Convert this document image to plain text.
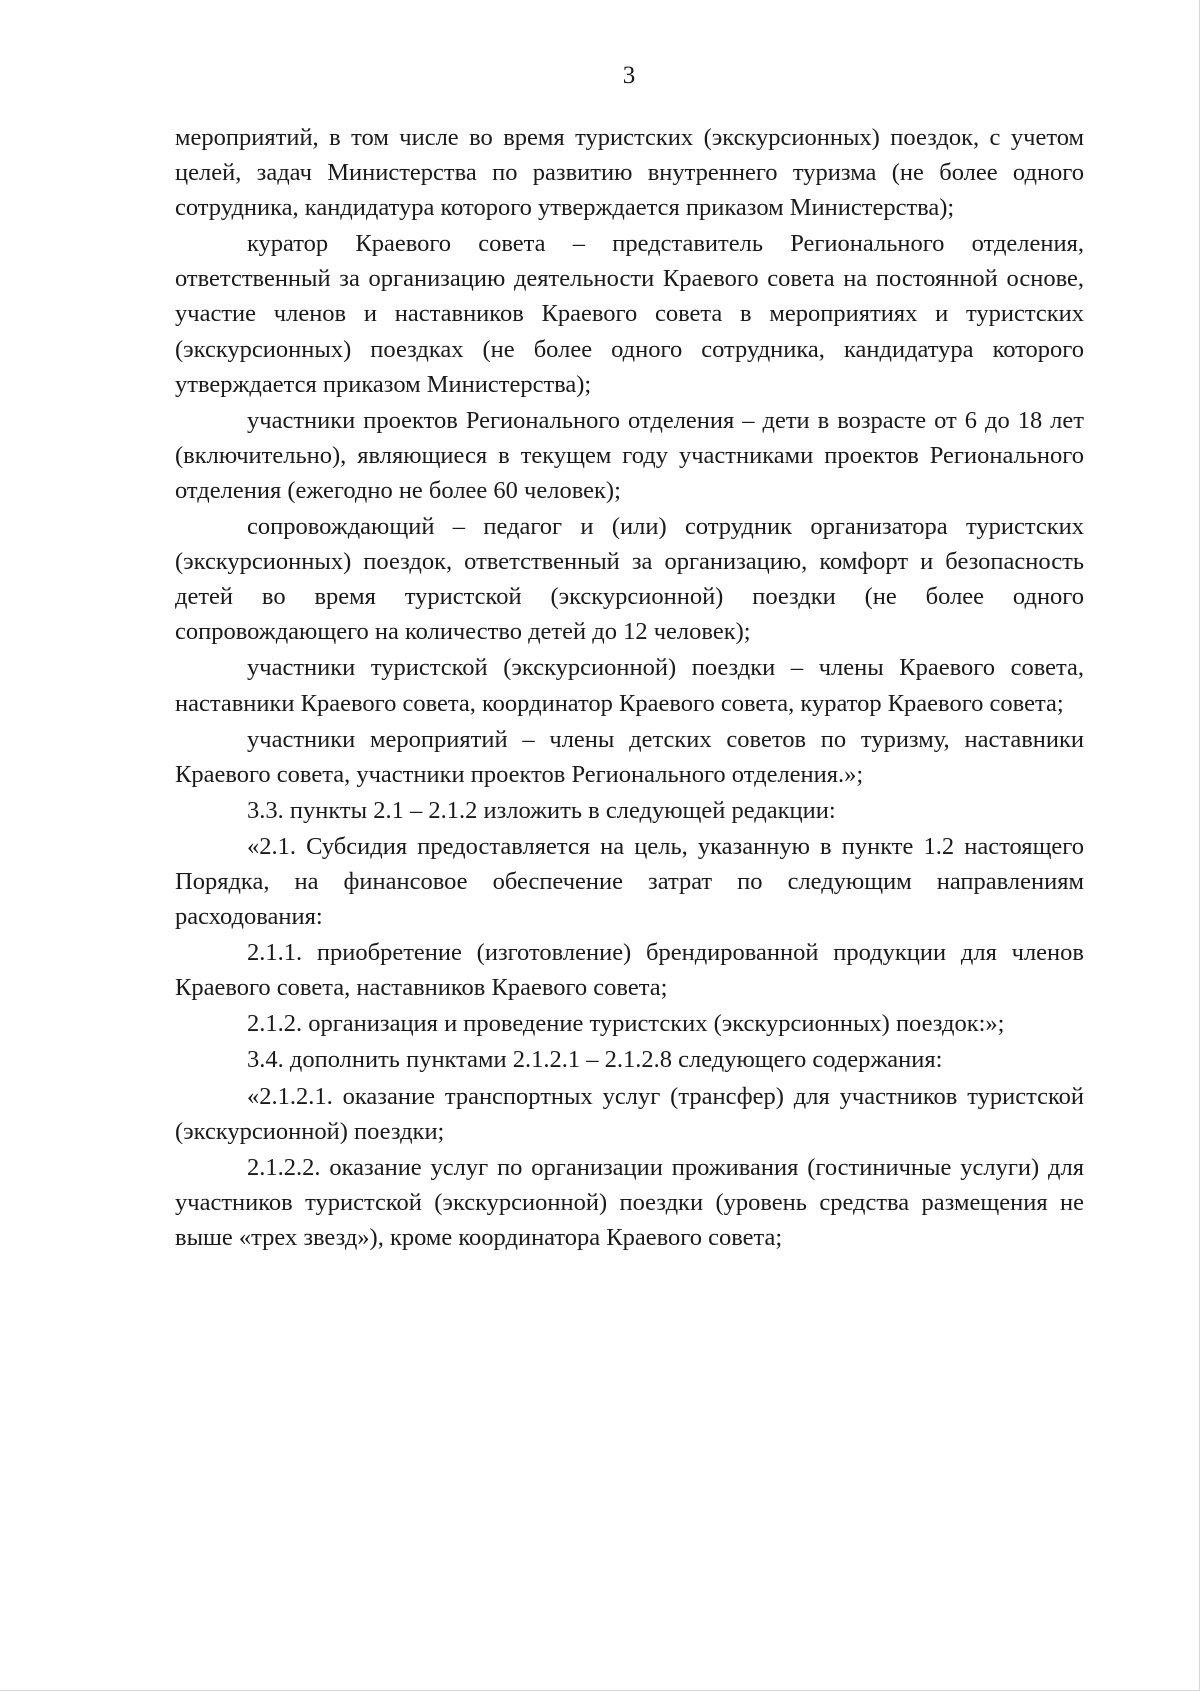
3

мероприятий, в том числе во время туристских (экскурсионных) поездок, с учетом целей, задач Министерства по развитию внутреннего туризма (не более одного сотрудника, кандидатура которого утверждается приказом Министерства);

куратор Краевого совета – представитель Регионального отделения, ответственный за организацию деятельности Краевого совета на постоянной основе, участие членов и наставников Краевого совета в мероприятиях и туристских (экскурсионных) поездках (не более одного сотрудника, кандидатура которого утверждается приказом Министерства);

участники проектов Регионального отделения – дети в возрасте от 6 до 18 лет (включительно), являющиеся в текущем году участниками проектов Регионального отделения (ежегодно не более 60 человек);

сопровождающий – педагог и (или) сотрудник организатора туристских (экскурсионных) поездок, ответственный за организацию, комфорт и безопасность детей во время туристской (экскурсионной) поездки (не более одного сопровождающего на количество детей до 12 человек);

участники туристской (экскурсионной) поездки – члены Краевого совета, наставники Краевого совета, координатор Краевого совета, куратор Краевого совета;

участники мероприятий – члены детских советов по туризму, наставники Краевого совета, участники проектов Регионального отделения.»;

3.3. пункты 2.1 – 2.1.2 изложить в следующей редакции:

«2.1. Субсидия предоставляется на цель, указанную в пункте 1.2 настоящего Порядка, на финансовое обеспечение затрат по следующим направлениям расходования:

2.1.1. приобретение (изготовление) брендированной продукции для членов Краевого совета, наставников Краевого совета;

2.1.2. организация и проведение туристских (экскурсионных) поездок:»;

3.4. дополнить пунктами 2.1.2.1 – 2.1.2.8 следующего содержания:

«2.1.2.1. оказание транспортных услуг (трансфер) для участников туристской (экскурсионной) поездки;

2.1.2.2. оказание услуг по организации проживания (гостиничные услуги) для участников туристской (экскурсионной) поездки (уровень средства размещения не выше «трех звезд»), кроме координатора Краевого совета;
